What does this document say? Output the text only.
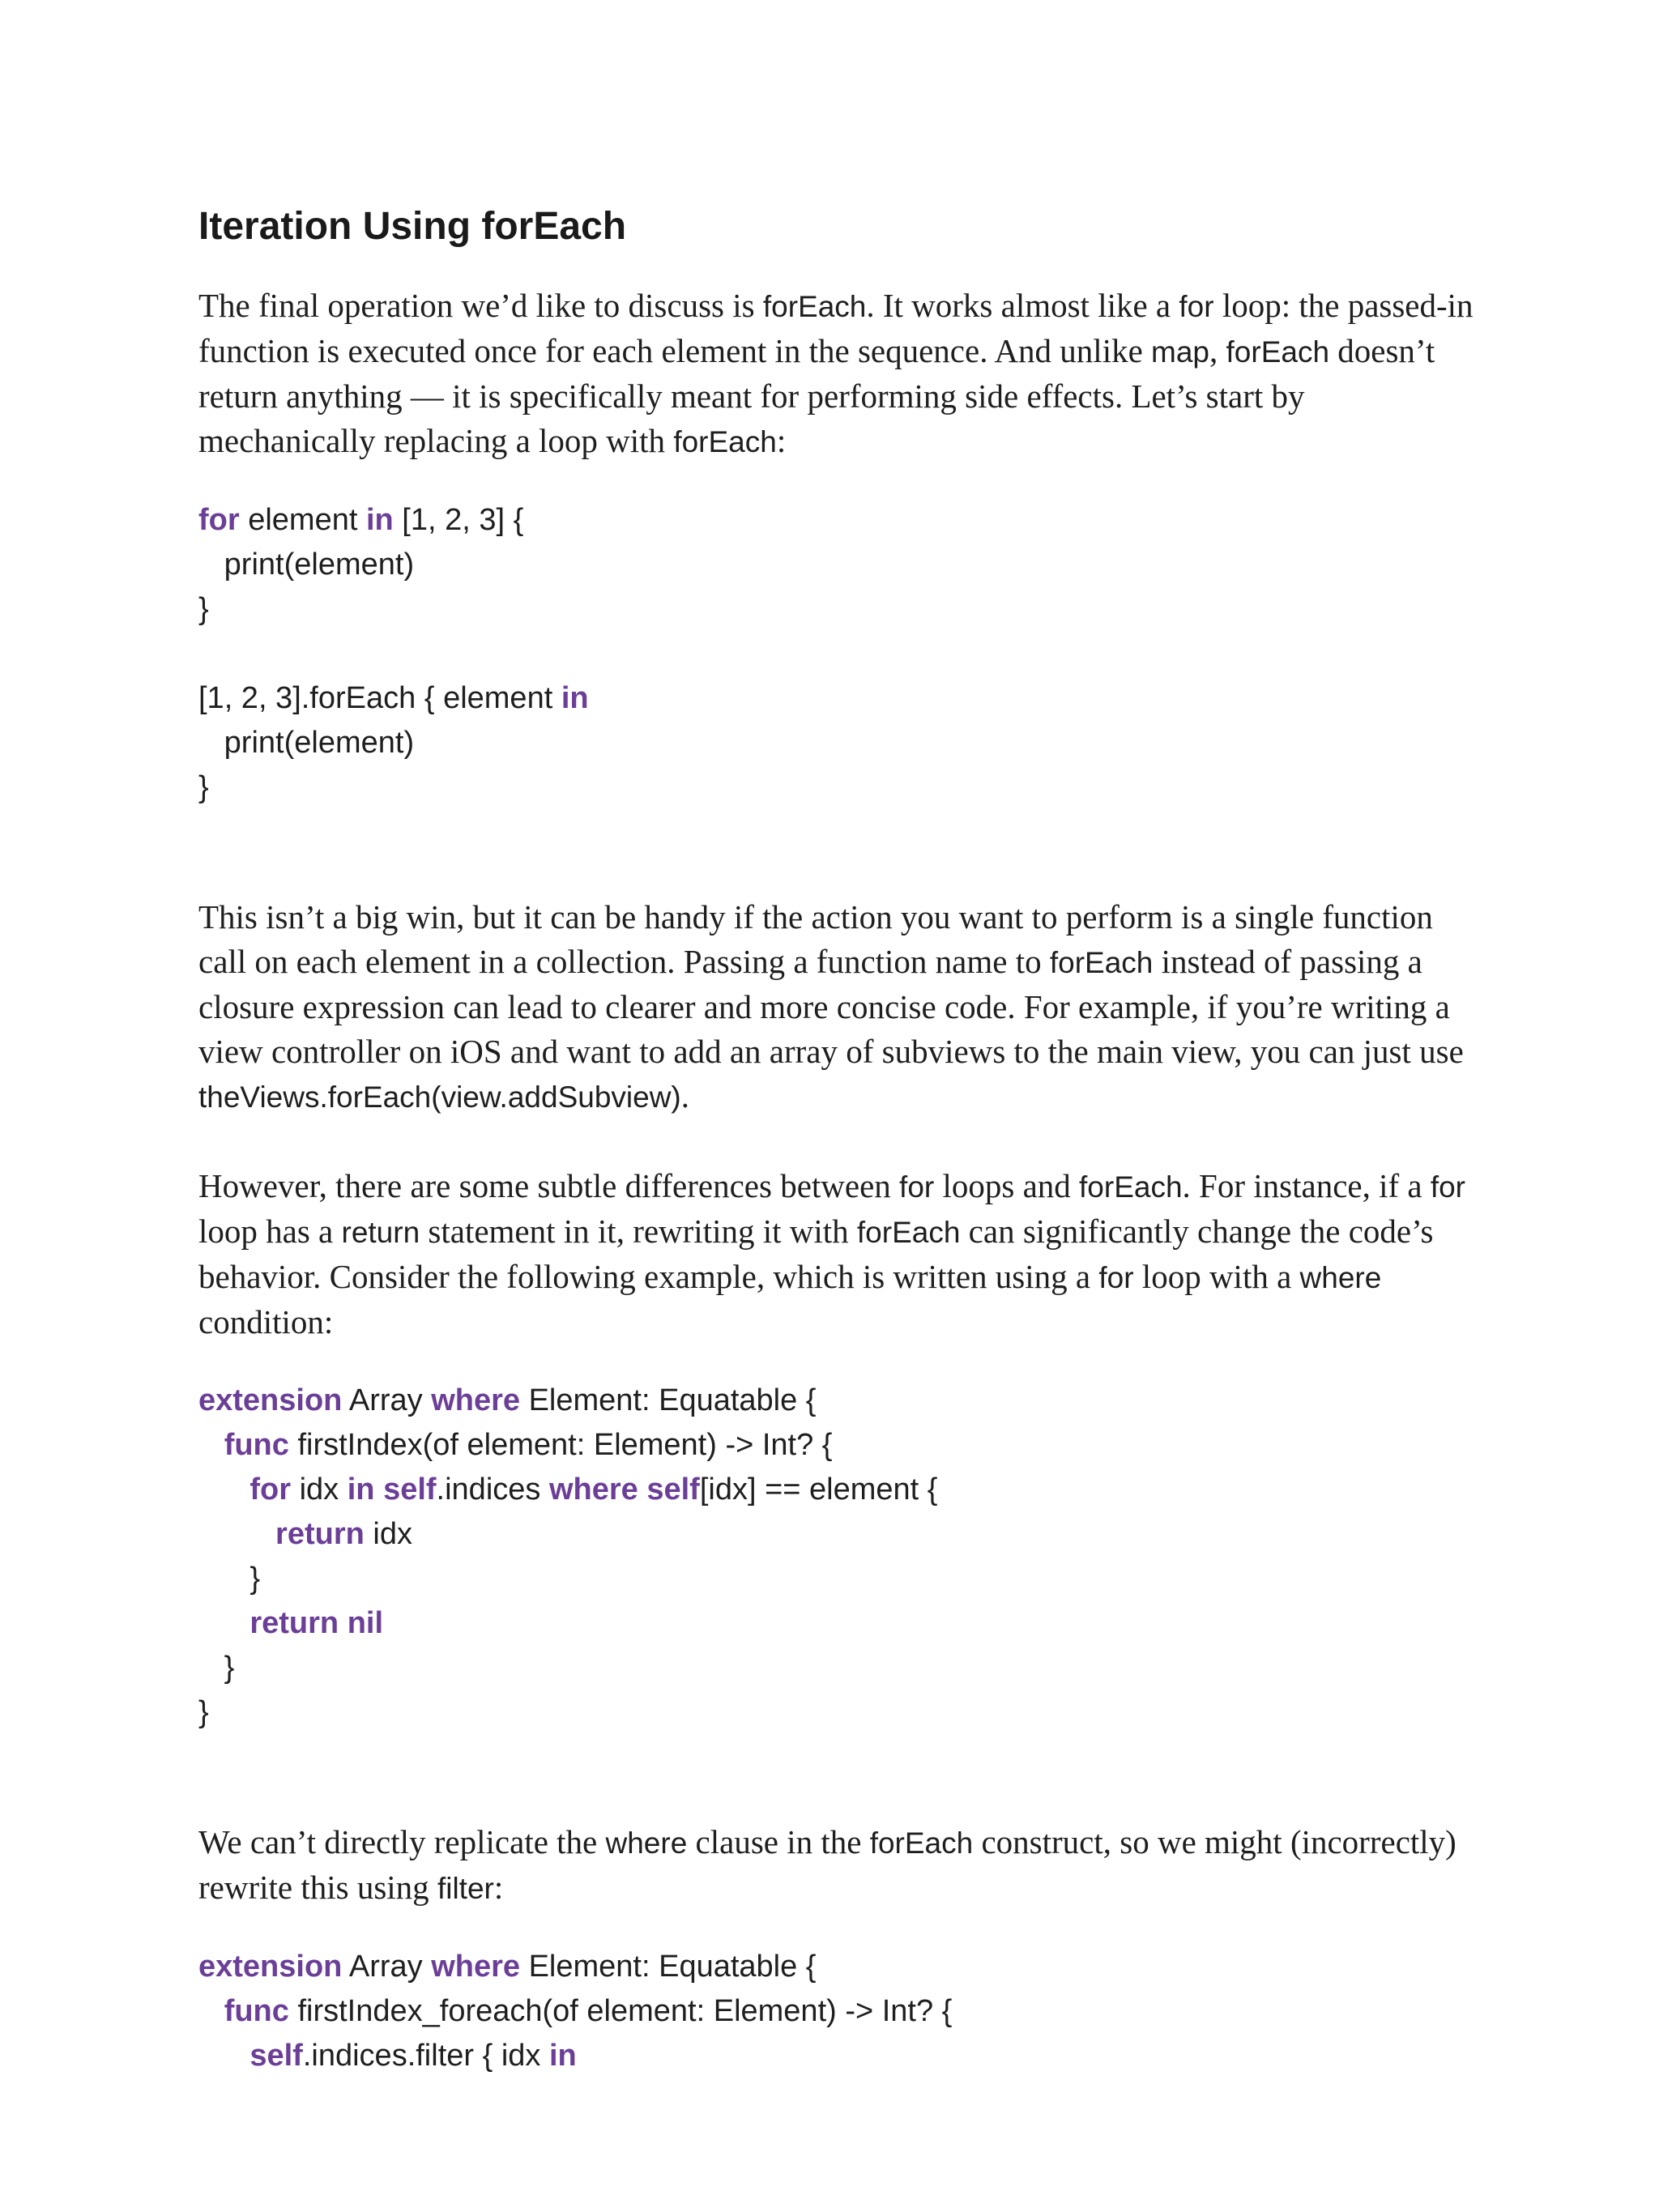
Iteration Using forEach

The final operation we’d like to discuss is forEach. It works almost like a for loop: the passed-in function is executed once for each element in the sequence. And unlike map, forEach doesn’t return anything — it is specifically meant for performing side effects. Let’s start by mechanically replacing a loop with forEach:

for element in [1, 2, 3] {
print(element)
}
[1, 2, 3].forEach { element in
print(element)
}

This isn’t a big win, but it can be handy if the action you want to perform is a single function call on each element in a collection. Passing a function name to forEach instead of passing a closure expression can lead to clearer and more concise code. For example, if you’re writing a view controller on iOS and want to add an array of subviews to the main view, you can just use theViews.forEach(view.addSubview).

However, there are some subtle differences between for loops and forEach. For instance, if a for loop has a return statement in it, rewriting it with forEach can significantly change the code’s behavior. Consider the following example, which is written using a for loop with a where condition:

extension Array where Element: Equatable {
func firstIndex(of element: Element) -> Int? {
for idx in self.indices where self[idx] == element {
return idx
}
return nil
}
}

We can’t directly replicate the where clause in the forEach construct, so we might (incorrectly) rewrite this using filter:

extension Array where Element: Equatable {
func firstIndex_foreach(of element: Element) -> Int? {
self.indices.filter { idx in
